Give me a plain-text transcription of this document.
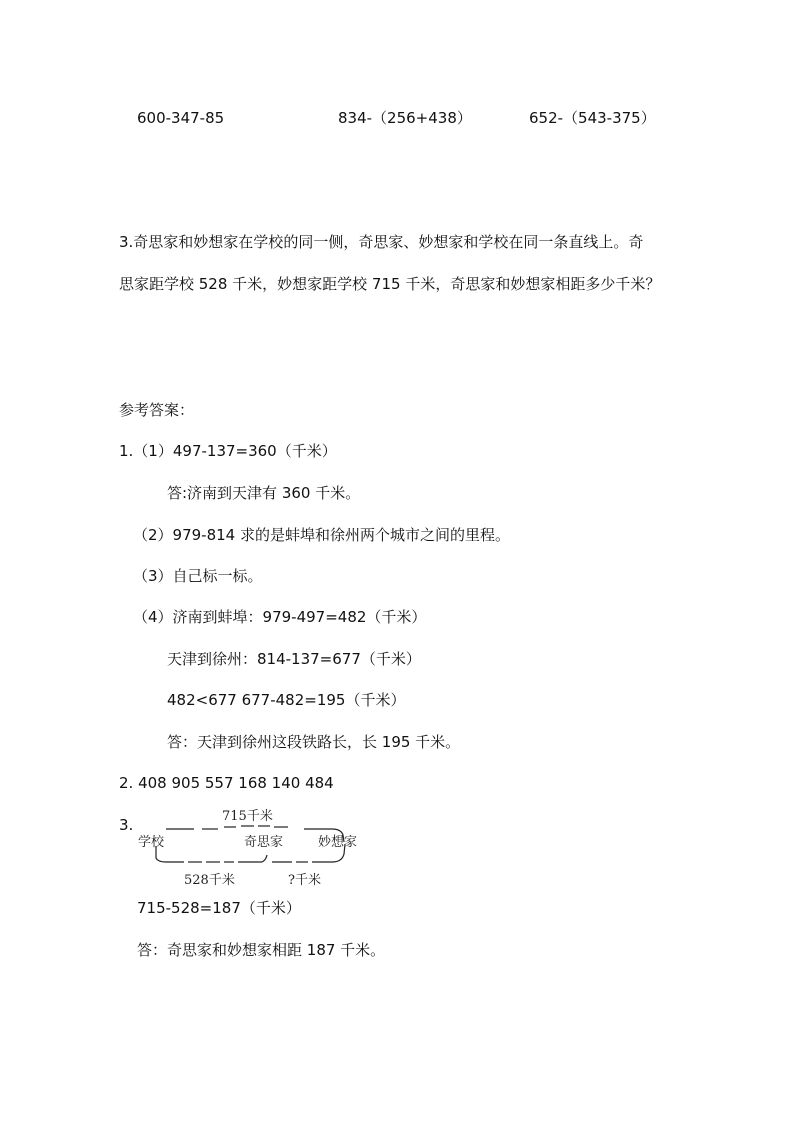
600-347-85	834-（256+438）	652-（543-375）
3.奇思家和妙想家在学校的同一侧，奇思家、妙想家和学校在同一条直线上。奇
思家距学校 528 千米，妙想家距学校 715 千米，奇思家和妙想家相距多少千米？
参考答案：
1.（1）497-137=360（千米）
答:济南到天津有 360 千米。
（2）979-814 求的是蚌埠和徐州两个城市之间的里程。
（3）自己标一标。
（4）济南到蚌埠：979-497=482（千米）
天津到徐州：814-137=677（千米）
482<677 677-482=195（千米）
答：天津到徐州这段铁路长，长 195 千米。
2. 408 905 557 168 140 484
3.	715千米
学校	奇思家	妙想家
528千米	?千米
715-528=187（千米）
答：奇思家和妙想家相距 187 千米。
